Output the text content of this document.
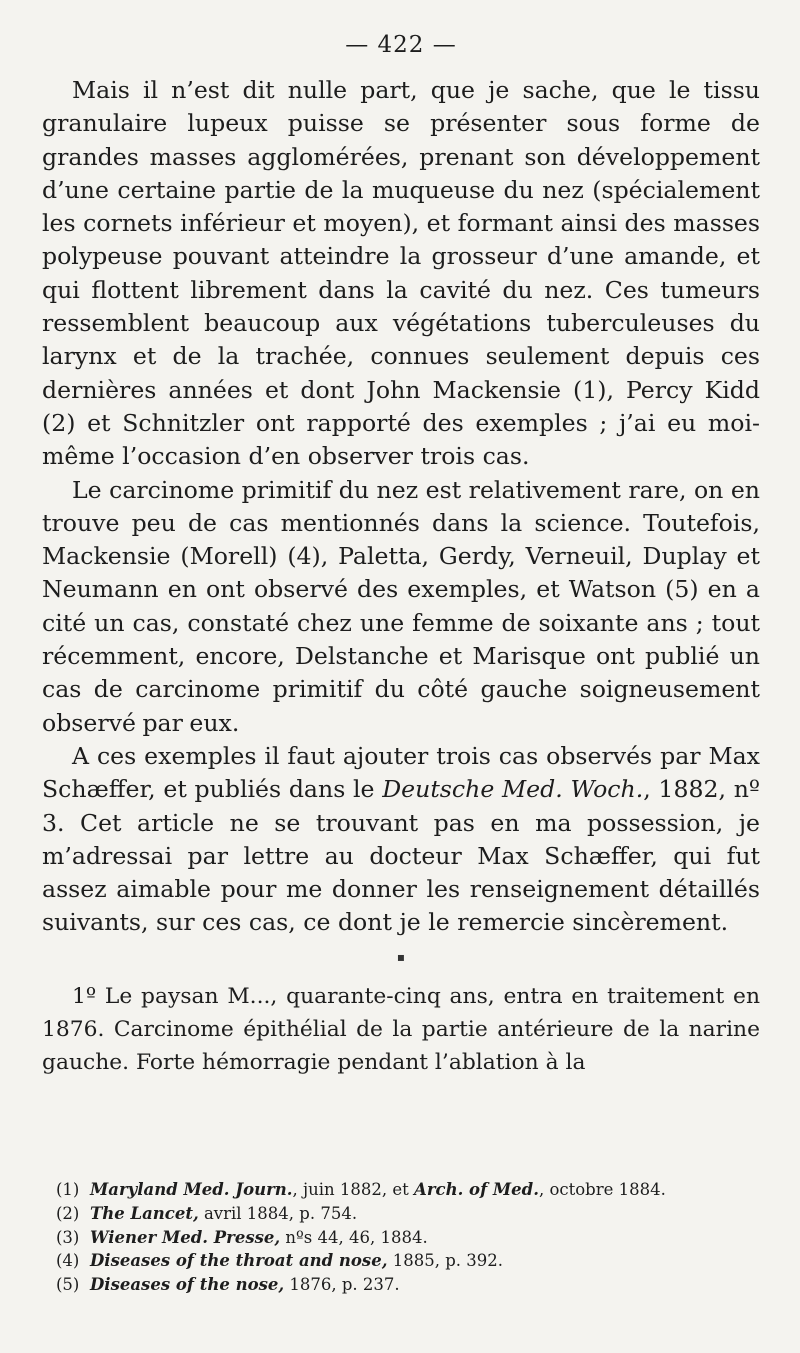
— 422 —

Mais il n’est dit nulle part, que je sache, que le tissu granulaire lupeux puisse se présenter sous forme de grandes masses agglomérées, prenant son développement d’une certaine partie de la muqueuse du nez (spécialement les cornets inférieur et moyen), et formant ainsi des masses polypeuse pouvant atteindre la grosseur d’une amande, et qui flottent librement dans la cavité du nez. Ces tumeurs ressemblent beaucoup aux végétations tuberculeuses du larynx et de la trachée, connues seulement depuis ces dernières années et dont John Mackensie (1), Percy Kidd (2) et Schnitzler ont rapporté des exemples ; j’ai eu moi-même l’occasion d’en observer trois cas.

Le carcinome primitif du nez est relativement rare, on en trouve peu de cas mentionnés dans la science. Toutefois, Mackensie (Morell) (4), Paletta, Gerdy, Verneuil, Duplay et Neumann en ont observé des exemples, et Watson (5) en a cité un cas, constaté chez une femme de soixante ans ; tout récemment, encore, Delstanche et Marisque ont publié un cas de carcinome primitif du côté gauche soigneusement observé par eux.

A ces exemples il faut ajouter trois cas observés par Max Schæffer, et publiés dans le Deutsche Med. Woch., 1882, nº 3. Cet article ne se trouvant pas en ma possession, je m’adressai par lettre au docteur Max Schæffer, qui fut assez aimable pour me donner les renseignement détaillés suivants, sur ces cas, ce dont je le remercie sincèrement.

▪

1º Le paysan M..., quarante-cinq ans, entra en traitement en 1876. Carcinome épithélial de la partie antérieure de la narine gauche. Forte hémorragie pendant l’ablation à la

(1) Maryland Med. Journ., juin 1882, et Arch. of Med., octobre 1884.

(2) The Lancet, avril 1884, p. 754.

(3) Wiener Med. Presse, nºs 44, 46, 1884.

(4) Diseases of the throat and nose, 1885, p. 392.

(5) Diseases of the nose, 1876, p. 237.
